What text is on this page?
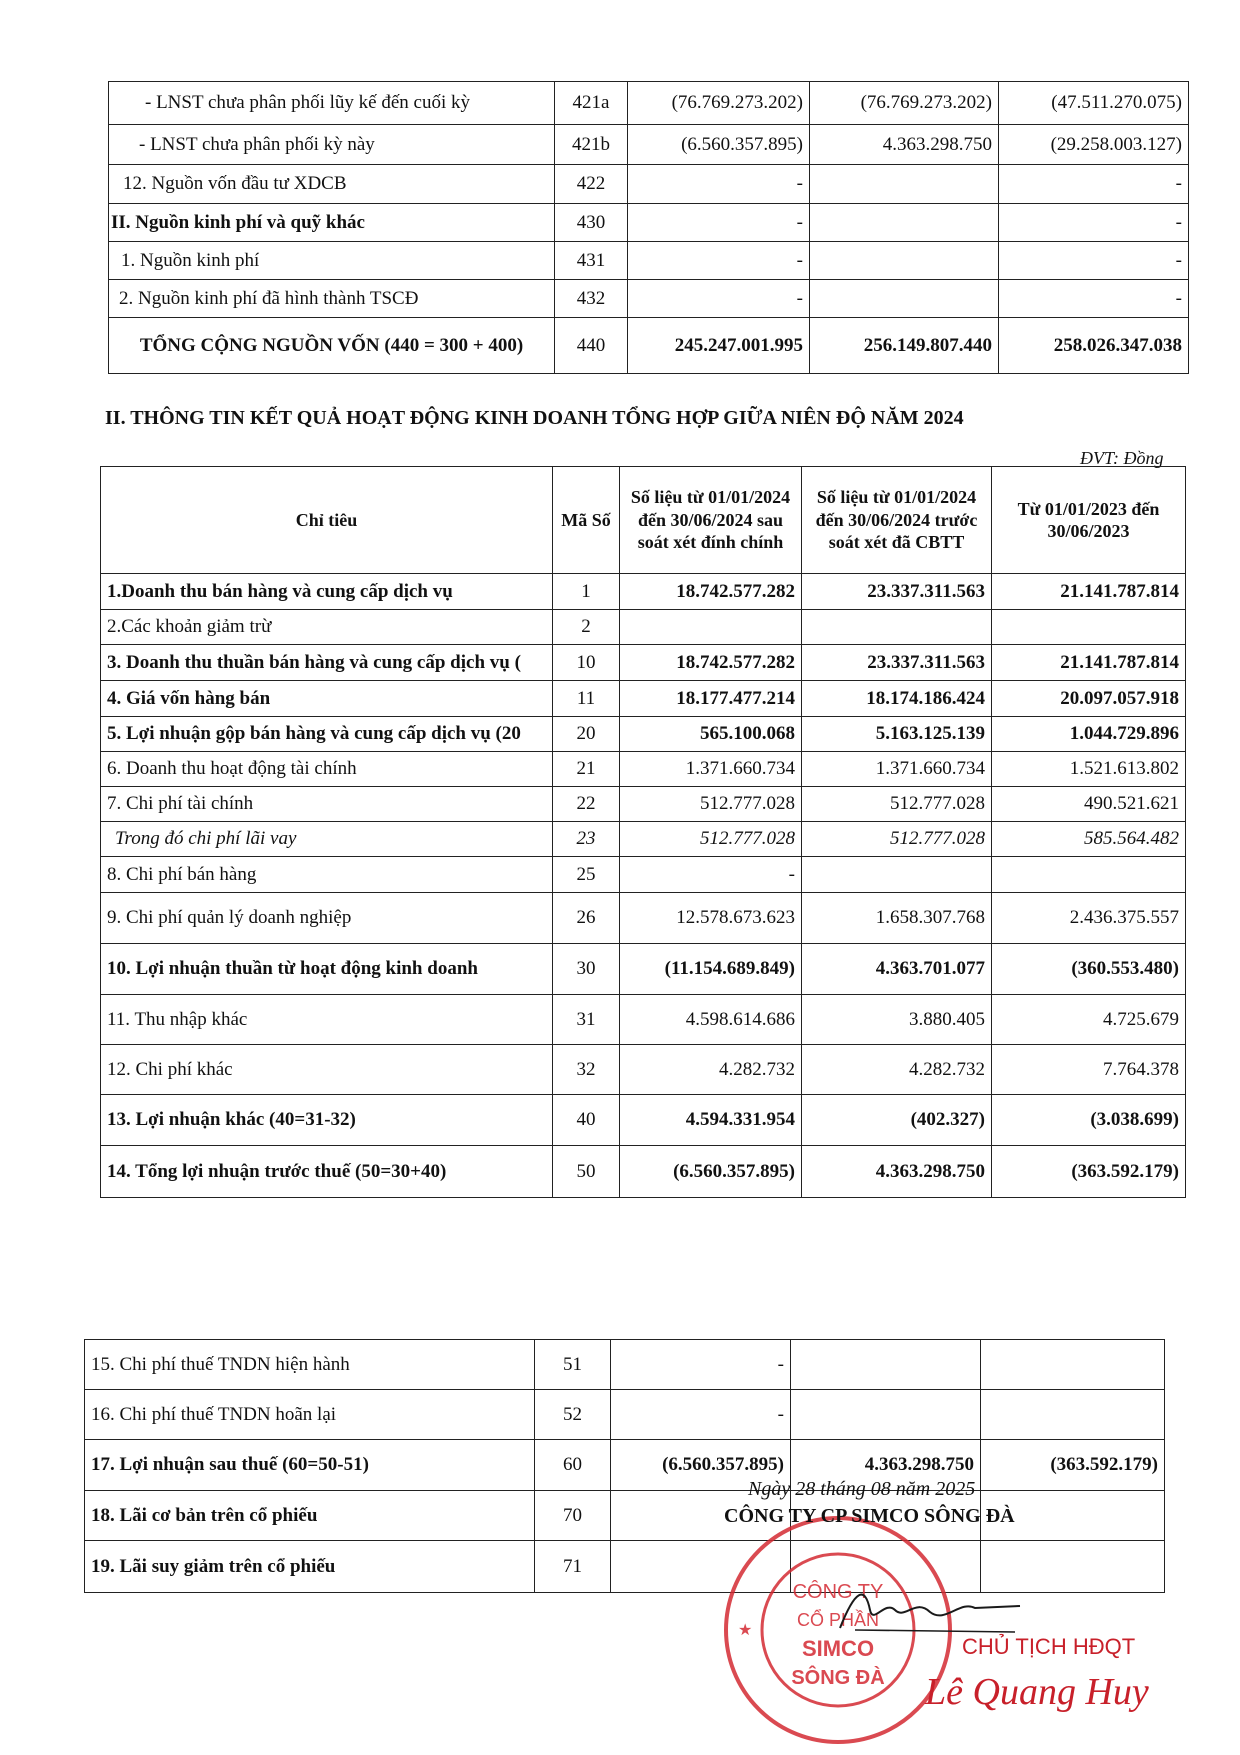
- LNST chưa phân phối lũy kế đến cuối kỳ	421a	(76.769.273.202)	(76.769.273.202)	(47.511.270.075)
- LNST chưa phân phối kỳ này	421b	(6.560.357.895)	4.363.298.750	(29.258.003.127)
12. Nguồn vốn đầu tư XDCB	422	-		-
II. Nguồn kinh phí và quỹ khác	430	-		-
1. Nguồn kinh phí	431	-		-
2. Nguồn kinh phí đã hình thành TSCĐ	432	-		-
TỔNG CỘNG NGUỒN VỐN (440 = 300 + 400)	440	245.247.001.995	256.149.807.440	258.026.347.038
II. THÔNG TIN KẾT QUẢ HOẠT ĐỘNG KINH DOANH TỔNG HỢP GIỮA NIÊN ĐỘ NĂM 2024
ĐVT: Đồng
Chỉ tiêu	Mã Số	Số liệu từ 01/01/2024 đến 30/06/2024 sau soát xét đính chính	Số liệu từ 01/01/2024 đến 30/06/2024 trước soát xét đã CBTT	Từ 01/01/2023 đến 30/06/2023
1.Doanh thu bán hàng và cung cấp dịch vụ	1	18.742.577.282	23.337.311.563	21.141.787.814
2.Các khoản giảm trừ	2			
3. Doanh thu thuần bán hàng và cung cấp dịch vụ (	10	18.742.577.282	23.337.311.563	21.141.787.814
4. Giá vốn hàng bán	11	18.177.477.214	18.174.186.424	20.097.057.918
5. Lợi nhuận gộp bán hàng và cung cấp dịch vụ (20	20	565.100.068	5.163.125.139	1.044.729.896
6. Doanh thu hoạt động tài chính	21	1.371.660.734	1.371.660.734	1.521.613.802
7. Chi phí tài chính	22	512.777.028	512.777.028	490.521.621
Trong đó chi phí lãi vay	23	512.777.028	512.777.028	585.564.482
8. Chi phí bán hàng	25	-		
9. Chi phí quản lý doanh nghiệp	26	12.578.673.623	1.658.307.768	2.436.375.557
10. Lợi nhuận thuần từ hoạt động kinh doanh	30	(11.154.689.849)	4.363.701.077	(360.553.480)
11. Thu nhập khác	31	4.598.614.686	3.880.405	4.725.679
12. Chi phí khác	32	4.282.732	4.282.732	7.764.378
13. Lợi nhuận khác (40=31-32)	40	4.594.331.954	(402.327)	(3.038.699)
14. Tổng lợi nhuận trước thuế (50=30+40)	50	(6.560.357.895)	4.363.298.750	(363.592.179)
15. Chi phí thuế TNDN hiện hành	51	-		
16. Chi phí thuế TNDN hoãn lại	52	-		
17. Lợi nhuận sau thuế (60=50-51)	60	(6.560.357.895)	4.363.298.750	(363.592.179)
18. Lãi cơ bản trên cổ phiếu	70			
19. Lãi suy giảm trên cổ phiếu	71			
CÔNG TY
CỔ PHẦN
SIMCO
SÔNG ĐÀ
★
Ngày 28 tháng 08 năm 2025
CÔNG TY CP SIMCO SÔNG ĐÀ
CHỦ TỊCH HĐQT
Lê Quang Huy
